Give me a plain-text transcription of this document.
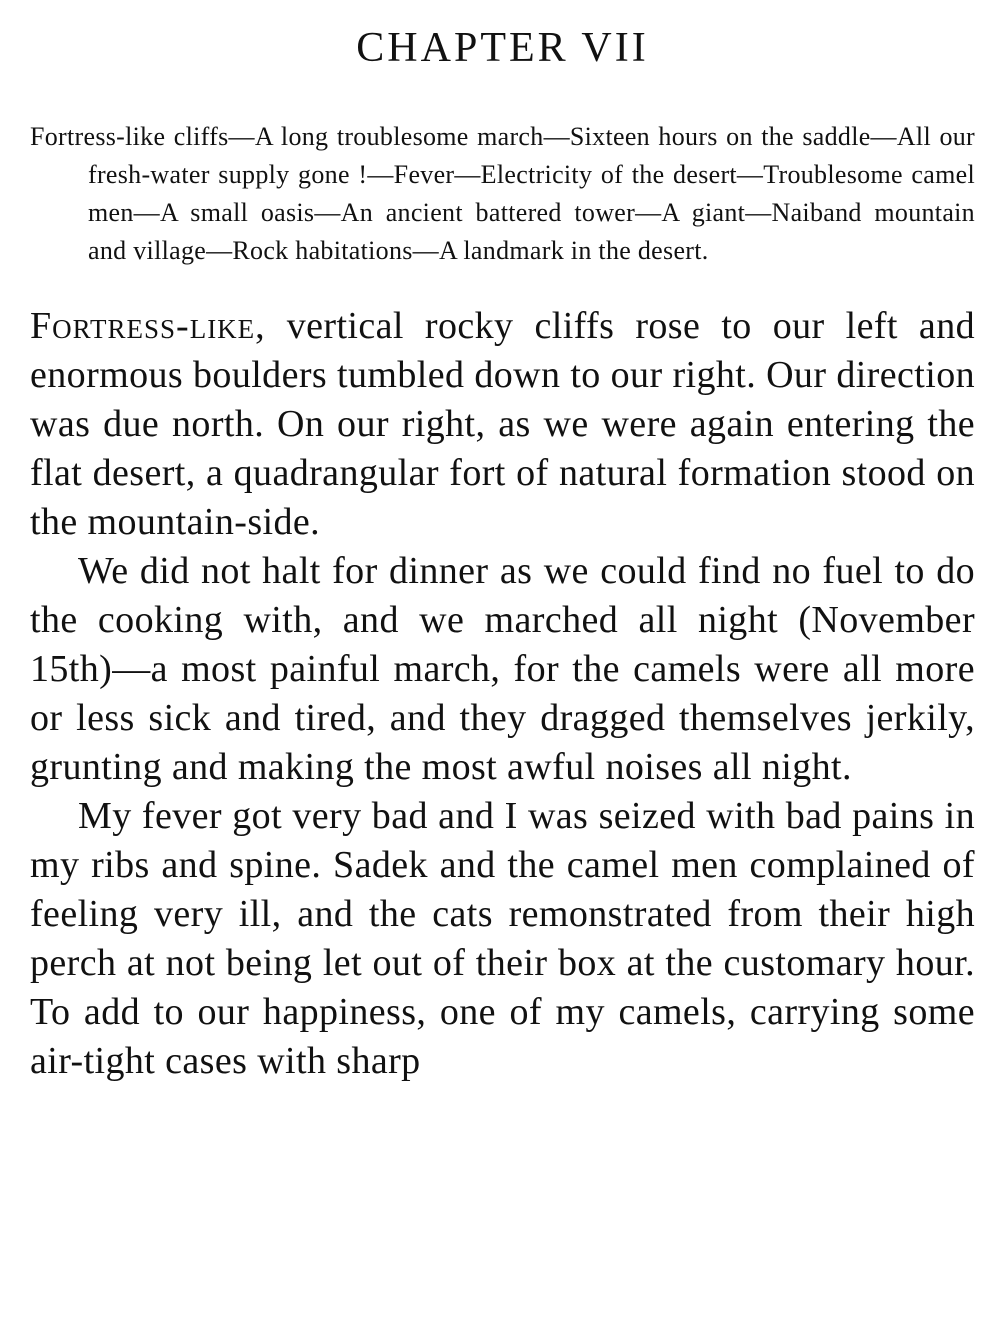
CHAPTER VII

Fortress-like cliffs—A long troublesome march—Sixteen hours on the saddle—All our fresh-water supply gone !—Fever—Electricity of the desert—Troublesome camel men—A small oasis—An ancient battered tower—A giant—Naiband mountain and village—Rock habitations—A landmark in the desert.

Fortress-like, vertical rocky cliffs rose to our left and enormous boulders tumbled down to our right. Our direction was due north. On our right, as we were again entering the flat desert, a quadrangular fort of natural formation stood on the mountain-side.

We did not halt for dinner as we could find no fuel to do the cooking with, and we marched all night (November 15th)—a most painful march, for the camels were all more or less sick and tired, and they dragged themselves jerkily, grunting and making the most awful noises all night.

My fever got very bad and I was seized with bad pains in my ribs and spine. Sadek and the camel men complained of feeling very ill, and the cats remonstrated from their high perch at not being let out of their box at the customary hour. To add to our happiness, one of my camels, carrying some air-tight cases with sharp
